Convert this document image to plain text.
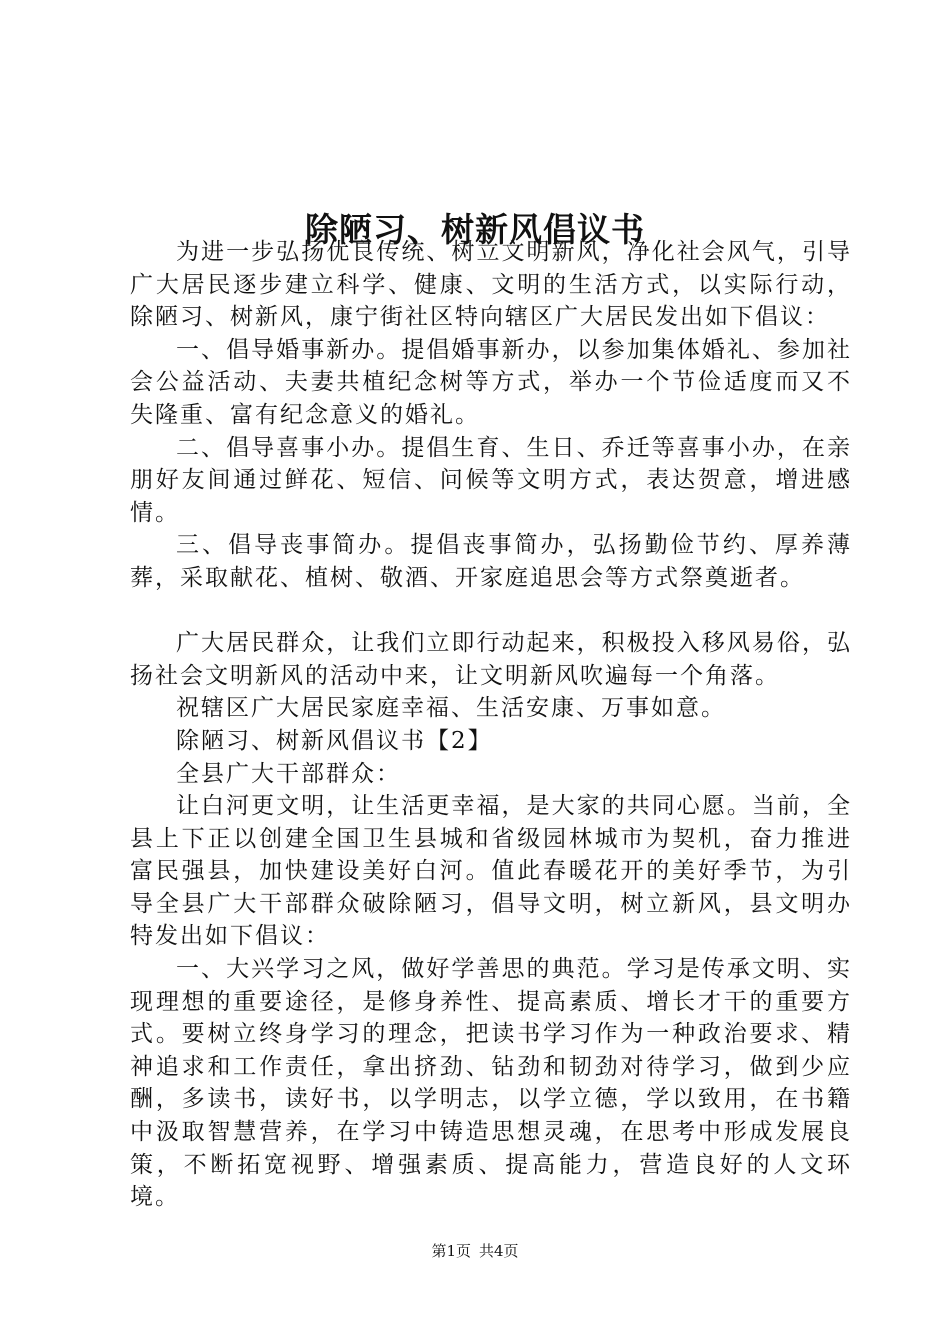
除陋习、树新风倡议书

为进一步弘扬优良传统、树立文明新风，净化社会风气，引导广大居民逐步建立科学、健康、文明的生活方式，以实际行动，除陋习、树新风，康宁街社区特向辖区广大居民发出如下倡议：

一、倡导婚事新办。提倡婚事新办，以参加集体婚礼、参加社会公益活动、夫妻共植纪念树等方式，举办一个节俭适度而又不失隆重、富有纪念意义的婚礼。

二、倡导喜事小办。提倡生育、生日、乔迁等喜事小办，在亲朋好友间通过鲜花、短信、问候等文明方式，表达贺意，增进感情。

三、倡导丧事简办。提倡丧事简办，弘扬勤俭节约、厚养薄葬，采取献花、植树、敬酒、开家庭追思会等方式祭奠逝者。

广大居民群众，让我们立即行动起来，积极投入移风易俗，弘扬社会文明新风的活动中来，让文明新风吹遍每一个角落。

祝辖区广大居民家庭幸福、生活安康、万事如意。

除陋习、树新风倡议书【2】

全县广大干部群众：

让白河更文明，让生活更幸福，是大家的共同心愿。当前，全县上下正以创建全国卫生县城和省级园林城市为契机，奋力推进富民强县，加快建设美好白河。值此春暖花开的美好季节，为引导全县广大干部群众破除陋习，倡导文明，树立新风，县文明办特发出如下倡议：

一、大兴学习之风，做好学善思的典范。学习是传承文明、实现理想的重要途径，是修身养性、提高素质、增长才干的重要方式。要树立终身学习的理念，把读书学习作为一种政治要求、精神追求和工作责任，拿出挤劲、钻劲和韧劲对待学习，做到少应酬，多读书，读好书，以学明志，以学立德，学以致用，在书籍中汲取智慧营养，在学习中铸造思想灵魂，在思考中形成发展良策，不断拓宽视野、增强素质、提高能力，营造良好的人文环境。

第1页 共4页
